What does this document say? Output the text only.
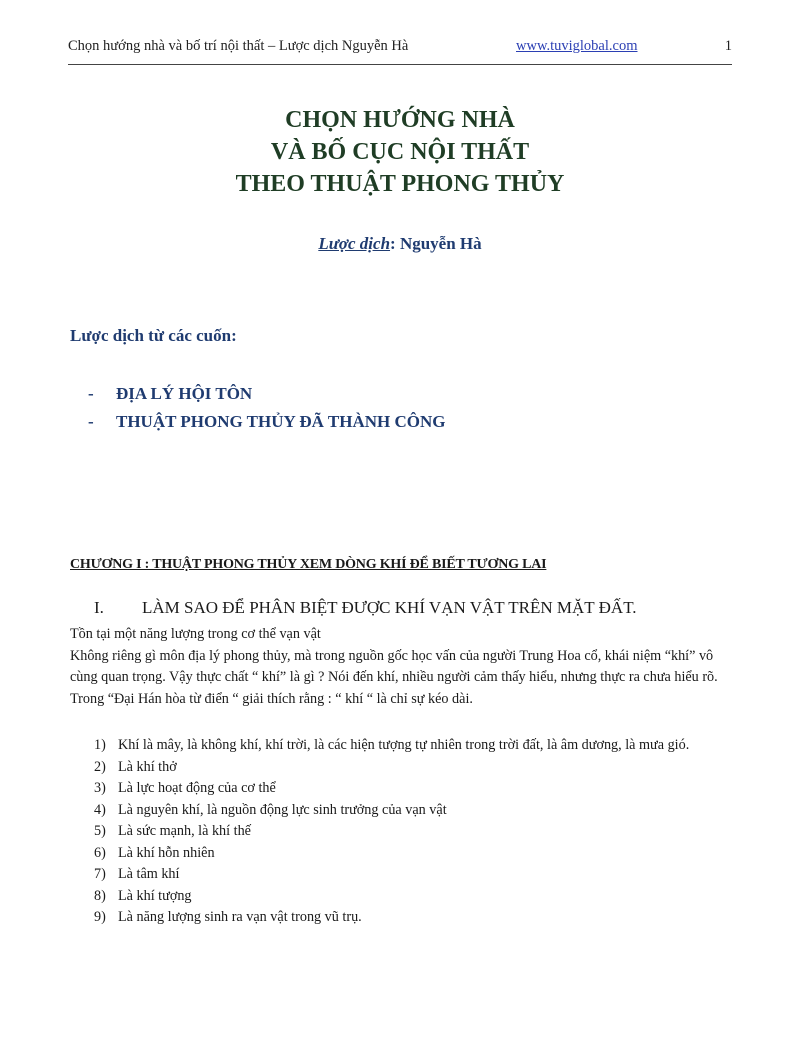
Chọn hướng nhà và bố trí nội thất – Lược dịch Nguyễn Hà	www.tuviglobal.com	1
CHỌN HƯỚNG NHÀ
VÀ BỐ CỤC NỘI THẤT
THEO THUẬT PHONG THỦY
Lược dịch: Nguyễn Hà
Lược dịch từ các cuốn:
- ĐỊA LÝ HỘI TÔN
- THUẬT PHONG THỦY ĐÃ THÀNH CÔNG
CHƯƠNG I : THUẬT PHONG THỦY XEM DÒNG KHÍ ĐỂ BIẾT TƯƠNG LAI
I. LÀM SAO ĐỂ PHÂN BIỆT ĐƯỢC KHÍ VẠN VẬT TRÊN MẶT ĐẤT.

Tồn tại một năng lượng trong cơ thể vạn vật

Không riêng gì môn địa lý phong thủy, mà trong nguồn gốc học vấn của người Trung Hoa cổ, khái niệm “khí” vô cùng quan trọng. Vậy thực chất “ khí” là gì ? Nói đến khí, nhiều người cảm thấy hiểu, nhưng thực ra chưa hiểu rõ.

Trong “Đại Hán hòa từ điển “ giải thích rằng : “ khí “ là chỉ sự kéo dài.

1) Khí là mây, là không khí, khí trời, là các hiện tượng tự nhiên trong trời đất, là âm dương, là mưa gió.
2) Là khí thở
3) Là lực hoạt động của cơ thể
4) Là nguyên khí, là nguồn động lực sinh trưởng của vạn vật
5) Là sức mạnh, là khí thế
6) Là khí hỗn nhiên
7) Là tâm khí
8) Là khí tượng
9) Là năng lượng sinh ra vạn vật trong vũ trụ.
